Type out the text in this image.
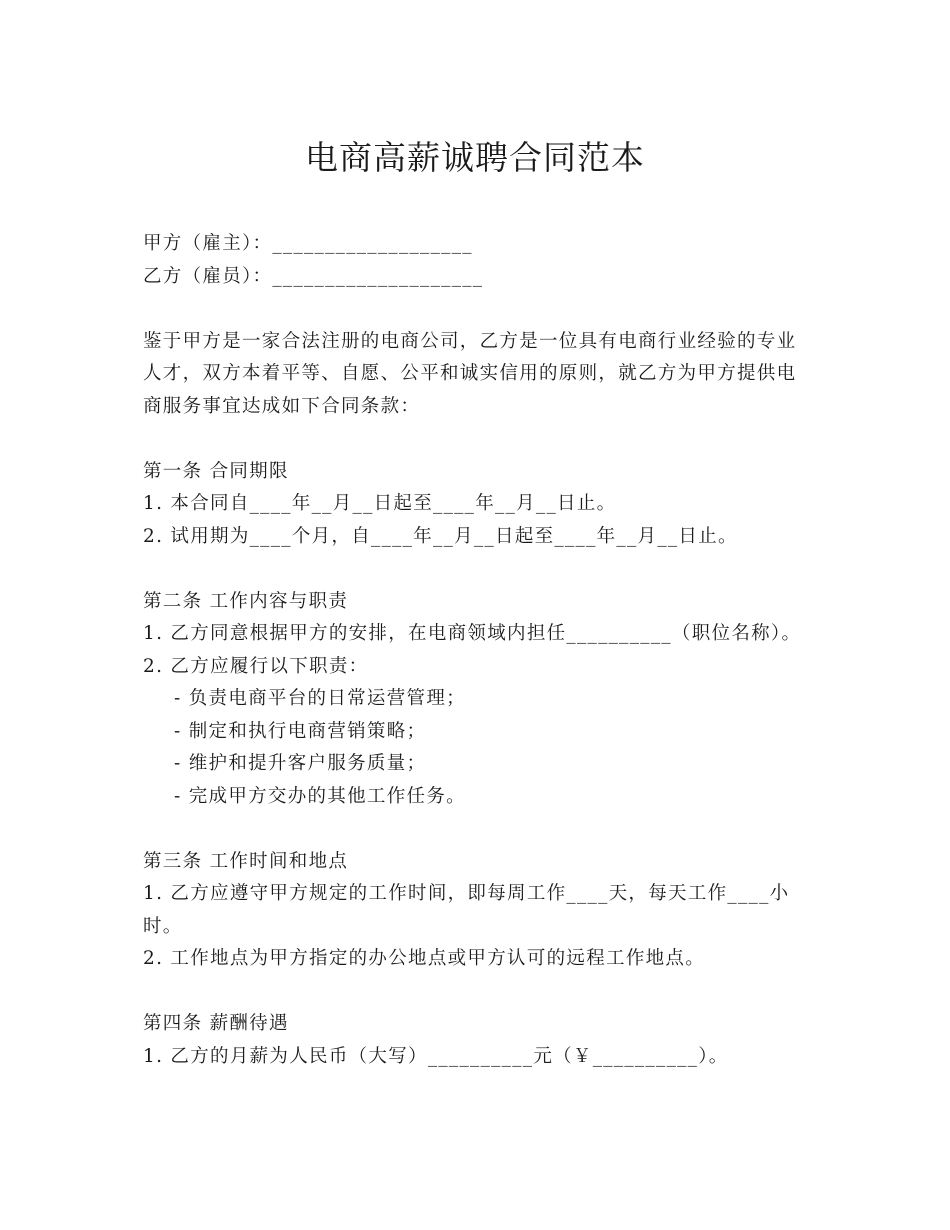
电商高薪诚聘合同范本

甲方（雇主）：___________________

乙方（雇员）：____________________

鉴于甲方是一家合法注册的电商公司，乙方是一位具有电商行业经验的专业人才，双方本着平等、自愿、公平和诚实信用的原则，就乙方为甲方提供电商服务事宜达成如下合同条款：

第一条 合同期限

1. 本合同自____年__月__日起至____年__月__日止。

2. 试用期为____个月，自____年__月__日起至____年__月__日止。

第二条 工作内容与职责

1. 乙方同意根据甲方的安排，在电商领域内担任__________（职位名称）。

2. 乙方应履行以下职责：

- 负责电商平台的日常运营管理；

- 制定和执行电商营销策略；

- 维护和提升客户服务质量；

- 完成甲方交办的其他工作任务。

第三条 工作时间和地点

1. 乙方应遵守甲方规定的工作时间，即每周工作____天，每天工作____小时。

2. 工作地点为甲方指定的办公地点或甲方认可的远程工作地点。

第四条 薪酬待遇

1. 乙方的月薪为人民币（大写）__________元（￥__________）。
